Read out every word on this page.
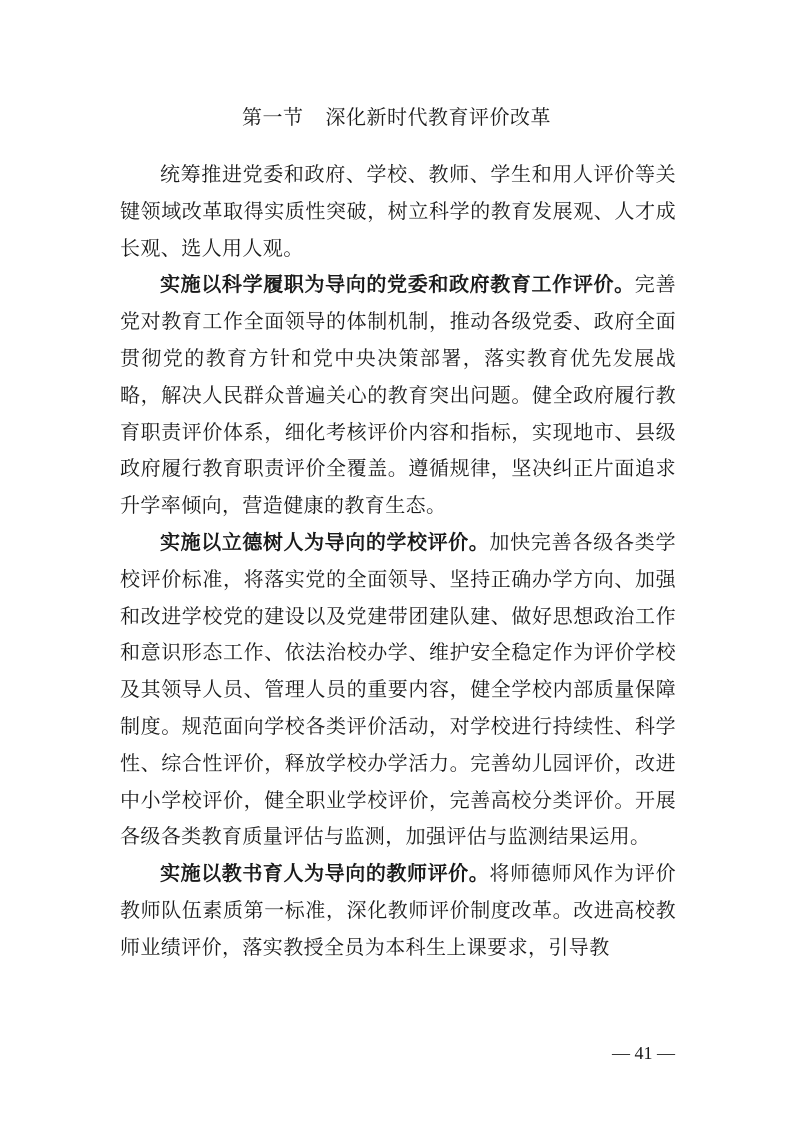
第一节 深化新时代教育评价改革

统筹推进党委和政府、学校、教师、学生和用人评价等关键领域改革取得实质性突破，树立科学的教育发展观、人才成长观、选人用人观。

实施以科学履职为导向的党委和政府教育工作评价。完善党对教育工作全面领导的体制机制，推动各级党委、政府全面贯彻党的教育方针和党中央决策部署，落实教育优先发展战略，解决人民群众普遍关心的教育突出问题。健全政府履行教育职责评价体系，细化考核评价内容和指标，实现地市、县级政府履行教育职责评价全覆盖。遵循规律，坚决纠正片面追求升学率倾向，营造健康的教育生态。

实施以立德树人为导向的学校评价。加快完善各级各类学校评价标准，将落实党的全面领导、坚持正确办学方向、加强和改进学校党的建设以及党建带团建队建、做好思想政治工作和意识形态工作、依法治校办学、维护安全稳定作为评价学校及其领导人员、管理人员的重要内容，健全学校内部质量保障制度。规范面向学校各类评价活动，对学校进行持续性、科学性、综合性评价，释放学校办学活力。完善幼儿园评价，改进中小学校评价，健全职业学校评价，完善高校分类评价。开展各级各类教育质量评估与监测，加强评估与监测结果运用。

实施以教书育人为导向的教师评价。将师德师风作为评价教师队伍素质第一标准，深化教师评价制度改革。改进高校教师业绩评价，落实教授全员为本科生上课要求，引导教

— 41 —
